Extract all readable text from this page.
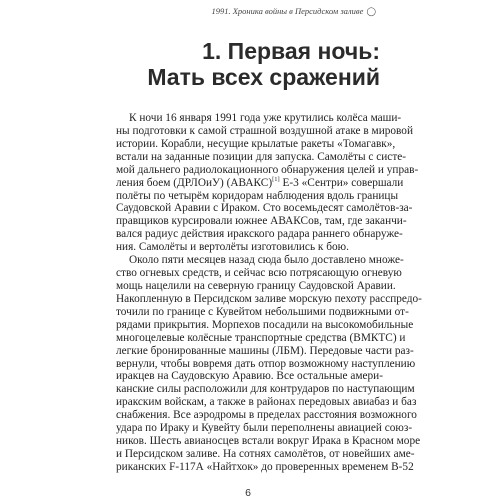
1991. Хроника войны в Персидском заливе ◯
1. Первая ночь:
Мать всех сражений
К ночи 16 января 1991 года уже крутились колёса маши-
ны подготовки к самой страшной воздушной атаке в мировой
истории. Корабли, несущие крылатые ракеты «Томагавк»,
встали на заданные позиции для запуска. Самолёты с систе-
мой дальнего радиолокационного обнаружения целей и управ-
ления боем (ДРЛОиУ) (АВАКС)[1] Е-3 «Сентри» совершали
полёты по четырём коридорам наблюдения вдоль границы
Саудовской Аравии с Ираком. Сто восемьдесят самолётов-за-
правщиков курсировали южнее АВАКСов, там, где заканчи-
вался радиус действия иракского радара раннего обнаруже-
ния. Самолёты и вертолёты изготовились к бою.
Около пяти месяцев назад сюда было доставлено множе-
ство огневых средств, и сейчас всю потрясающую огневую
мощь нацелили на северную границу Саудовской Аравии.
Накопленную в Персидском заливе морскую пехоту расспредо-
точили по границе с Кувейтом небольшими подвижными от-
рядами прикрытия. Морпехов посадили на высокомобильные
многоцелевые колёсные транспортные средства (ВМКТС) и
легкие бронированные машины (ЛБМ). Передовые части раз-
вернули, чтобы вовремя дать отпор возможному наступлению
иракцев на Саудовскую Аравию. Все остальные амери-
канские силы расположили для контрударов по наступающим
иракским войскам, а также в районах передовых авиабаз и баз
снабжения. Все аэродромы в пределах расстояния возможного
удара по Ираку и Кувейту были переполнены авиацией союз-
ников. Шесть авианосцев встали вокруг Ирака в Красном море
и Персидском заливе. На сотнях самолётов, от новейших аме-
риканских F-117А «Найтхок» до проверенных временем В-52
6
